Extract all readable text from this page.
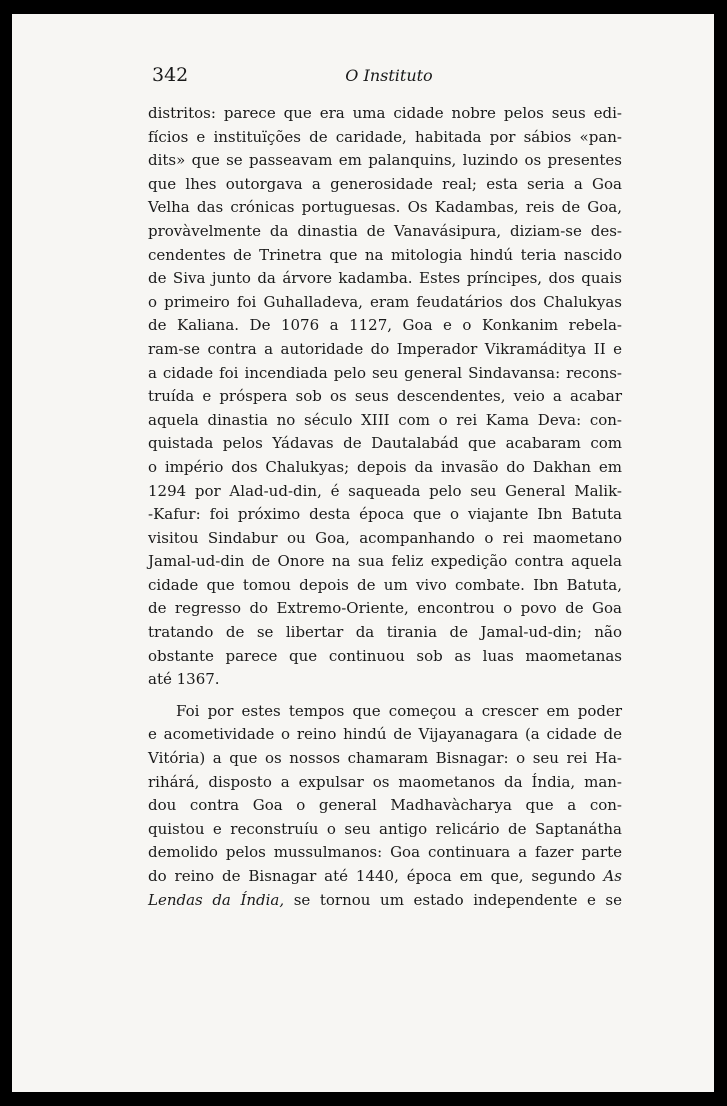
342	O Instituto
distritos: parece que era uma cidade nobre pelos seus edi-
fícios e instituïções de caridade, habitada por sábios «pan-
dits» que se passeavam em palanquins, luzindo os presentes
que lhes outorgava a generosidade real; esta seria a Goa
Velha das crónicas portuguesas. Os Kadambas, reis de Goa,
provàvelmente da dinastia de Vanavásipura, diziam-se des-
cendentes de Trinetra que na mitologia hindú teria nascido
de Siva junto da árvore kadamba. Estes príncipes, dos quais
o primeiro foi Guhalladeva, eram feudatários dos Chalukyas
de Kaliana. De 1076 a 1127, Goa e o Konkanim rebela-
ram-se contra a autoridade do Imperador Vikramáditya II e
a cidade foi incendiada pelo seu general Sindavansa: recons-
truída e próspera sob os seus descendentes, veio a acabar
aquela dinastia no século XIII com o rei Kama Deva: con-
quistada pelos Yádavas de Dautalabád que acabaram com
o império dos Chalukyas; depois da invasão do Dakhan em
1294 por Alad-ud-din, é saqueada pelo seu General Malik-
-Kafur: foi próximo desta época que o viajante Ibn Batuta
visitou Sindabur ou Goa, acompanhando o rei maometano
Jamal-ud-din de Onore na sua feliz expedição contra aquela
cidade que tomou depois de um vivo combate. Ibn Batuta,
de regresso do Extremo-Oriente, encontrou o povo de Goa
tratando de se libertar da tirania de Jamal-ud-din; não
obstante parece que continuou sob as luas maometanas
até 1367.
Foi por estes tempos que começou a crescer em poder
e acometividade o reino hindú de Vijayanagara (a cidade de
Vitória) a que os nossos chamaram Bisnagar: o seu rei Ha-
rihárá, disposto a expulsar os maometanos da Índia, man-
dou contra Goa o general Madhavàcharya que a con-
quistou e reconstruíu o seu antigo relicário de Saptanátha
demolido pelos mussulmanos: Goa continuara a fazer parte
do reino de Bisnagar até 1440, época em que, segundo As
Lendas da Índia, se tornou um estado independente e se
